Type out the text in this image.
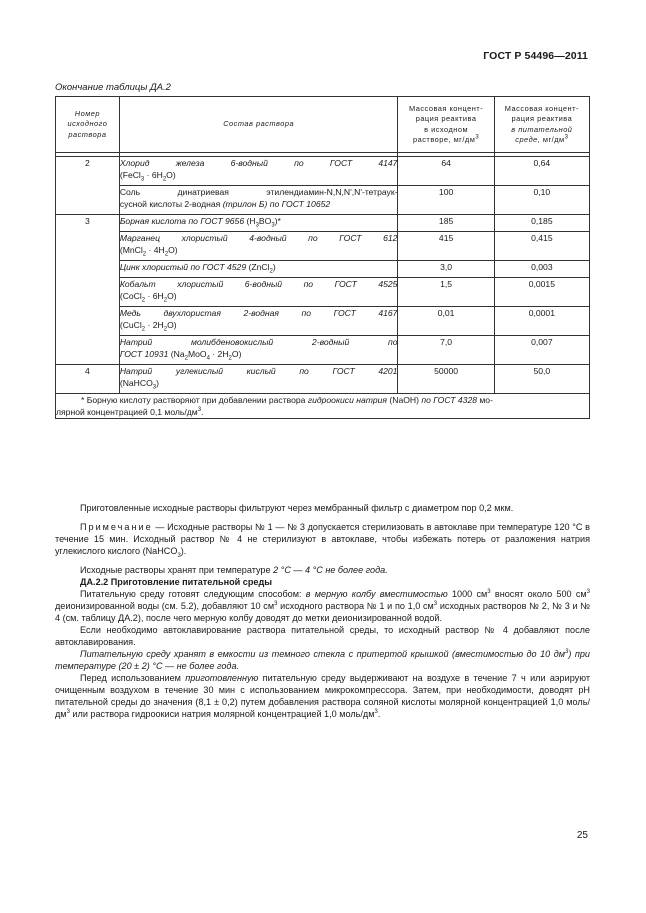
ГОСТ Р 54496—2011
Окончание таблицы ДА.2
Номер
исходного
раствора	Состав раствора	Массовая концент-
рация реактива
в исходном
растворе, $мг/дм^3$	Массовая концент-
рация реактива
в питательной
среде, $мг/дм^3$

2	Хлорид железа 6-водный по ГОСТ 4147
(FeCl$_3$ · $6H_2O$)	64	0,64

	Соль динатриевая этилендиамин-N,N,N',N'-тетраук-
сусной кислоты 2-водная (трилон Б) по ГОСТ 10652	100	0,10
3	Борная кислота по ГОСТ 9656 $(H_3BO_3)*$	185	0,185

	Марганец хлористый 4-водный по ГОСТ 612
(MnCl$_2$ · $4H_2O$)	415	0,415

	Цинк хлористый по ГОСТ 4529 (ZnCl$_2$)	3,0	0,003

	Кобальт хлористый 6-водный по ГОСТ 4525
(CoCl$_2$ · $6H_2O$)	1,5	0,0015

	Медь двухлористая 2-водная по ГОСТ 4167
(CuCl$_2$ · $2H_2O$)	0,01	0,0001

	Натрий молибденовокислый 2-водный по
ГОСТ 10931 $(Na_2MoO_4 \cdot 2H_2O)$	7,0	0,007
4	Натрий углекислый кислый по ГОСТ 4201
(NaHCO$_3$)	50000	50,0
* Борную кислоту растворяют при добавлении раствора гидроокиси натрия (NaOH) по ГОСТ 4328 мо-
лярной концентрацией 0,1 моль/$дм^3$.			

Приготовленные исходные растворы фильтруют через мембранный фильтр с диаметром пор 0,2 мкм.

Примечание — Исходные растворы № 1 — № 3 допускается стерилизовать в автоклаве при температуре 120 °С в течение 15 мин. Исходный раствор № 4 не стерилизуют в автоклаве, чтобы избежать потерь от разложения натрия углекислого кислого (NaHCO$_3$).

Исходные растворы хранят при температуре 2 °С — 4 °С не более года.

ДА.2.2 Приготовление питательной среды

Питательную среду готовят следующим способом: в мерную колбу вместимостью 1000 $см^3$ вносят около 500 $см^3$ деионизированной воды (см. 5.2), добавляют 10 $см^3$ исходного раствора № 1 и по 1,0 $см^3$ исходных растворов № 2, № 3 и № 4 (см. таблицу ДА.2), после чего мерную колбу доводят до метки деионизированной водой.

Если необходимо автоклавирование раствора питательной среды, то исходный раствор № 4 добавляют после автоклавирования.

Питательную среду хранят в емкости из темного стекла с притертой крышкой (вместимостью до 10 $дм^3$) при температуре (20 ± 2) °С — не более года.

Перед использованием приготовленную питательную среду выдерживают на воздухе в течение 7 ч или аэрируют очищенным воздухом в течение 30 мин с использованием микрокомпрессора. Затем, при необходимости, доводят pH питательной среды до значения (8,1 ± 0,2) путем добавления раствора соляной кислоты молярной концентрацией 1,0 моль/$дм^3$ или раствора гидроокиси натрия молярной концентрацией 1,0 моль/$дм^3$.

25
